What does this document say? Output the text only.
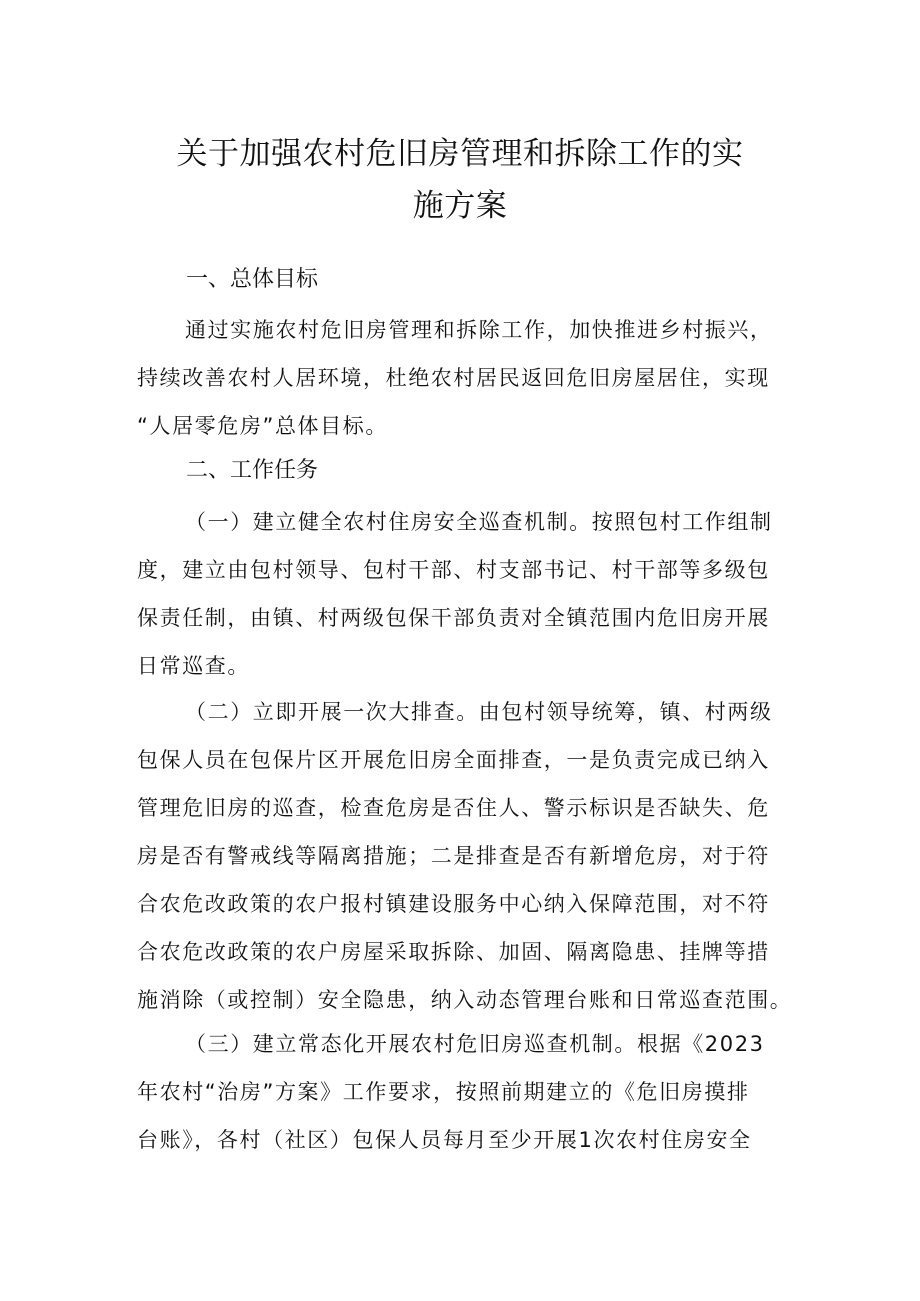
关于加强农村危旧房管理和拆除工作的实
施方案
一、总体目标

通过实施农村危旧房管理和拆除工作，加快推进乡村振兴，
持续改善农村人居环境，杜绝农村居民返回危旧房屋居住，实现
“人居零危房”总体目标。

二、工作任务

（一）建立健全农村住房安全巡查机制。按照包村工作组制
度，建立由包村领导、包村干部、村支部书记、村干部等多级包
保责任制，由镇、村两级包保干部负责对全镇范围内危旧房开展
日常巡查。

（二）立即开展一次大排查。由包村领导统筹，镇、村两级
包保人员在包保片区开展危旧房全面排查，一是负责完成已纳入
管理危旧房的巡查，检查危房是否住人、警示标识是否缺失、危
房是否有警戒线等隔离措施；二是排查是否有新增危房，对于符
合农危改政策的农户报村镇建设服务中心纳入保障范围，对不符
合农危改政策的农户房屋采取拆除、加固、隔离隐患、挂牌等措
施消除（或控制）安全隐患，纳入动态管理台账和日常巡查范围。

（三）建立常态化开展农村危旧房巡查机制。根据《2023
年农村“治房”方案》工作要求，按照前期建立的《危旧房摸排
台账》，各村（社区）包保人员每月至少开展1次农村住房安全
